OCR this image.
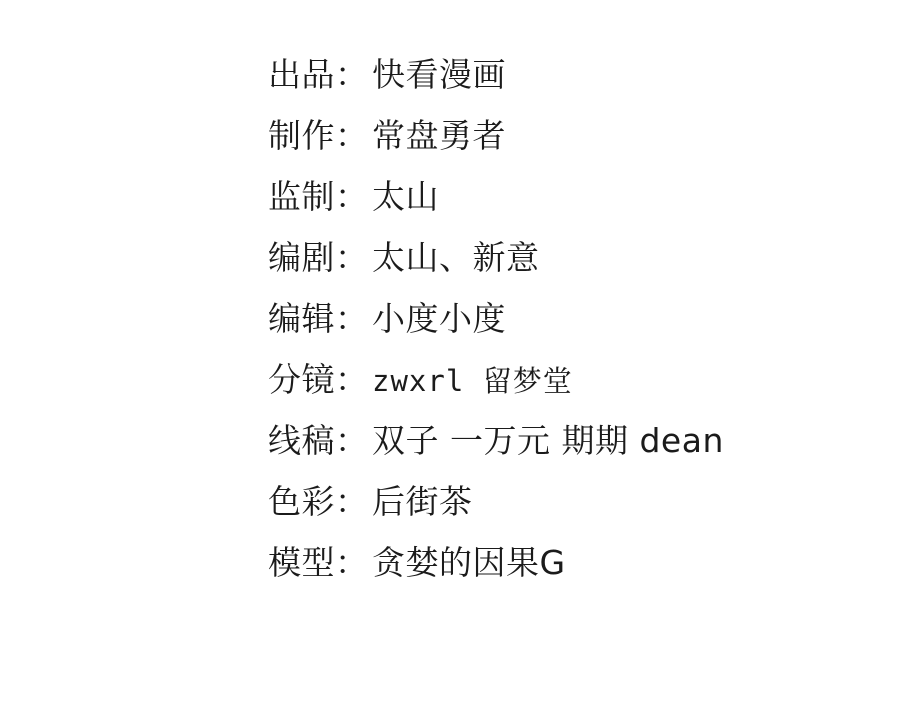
出品 ： 快看漫画
制作 ： 常盘勇者
监制 ： 太山
编剧 ： 太山、新意
编辑 ： 小度小度
分镜 ： zwxrl 留梦堂
线稿 ： 双子 一万元 期期 dean
色彩 ： 后街茶
模型 ： 贪婪的因果G
